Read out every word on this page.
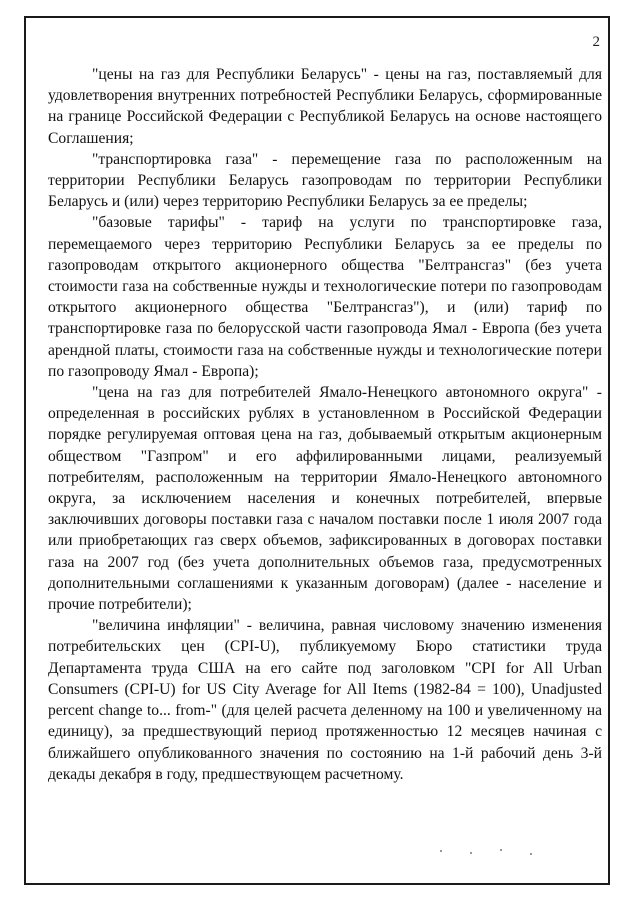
2

"цены на газ для Республики Беларусь" - цены на газ, поставляемый для удовлетворения внутренних потребностей Республики Беларусь, сформированные на границе Российской Федерации с Республикой Беларусь на основе настоящего Соглашения;

"транспортировка газа" - перемещение газа по расположенным на территории Республики Беларусь газопроводам по территории Республики Беларусь и (или) через территорию Республики Беларусь за ее пределы;

"базовые тарифы" - тариф на услуги по транспортировке газа, перемещаемого через территорию Республики Беларусь за ее пределы по газопроводам открытого акционерного общества "Белтрансгаз" (без учета стоимости газа на собственные нужды и технологические потери по газопроводам открытого акционерного общества "Белтрансгаз"), и (или) тариф по транспортировке газа по белорусской части газопровода Ямал - Европа (без учета арендной платы, стоимости газа на собственные нужды и технологические потери по газопроводу Ямал - Европа);

"цена на газ для потребителей Ямало-Ненецкого автономного округа" - определенная в российских рублях в установленном в Российской Федерации порядке регулируемая оптовая цена на газ, добываемый открытым акционерным обществом "Газпром" и его аффилированными лицами, реализуемый потребителям, расположенным на территории Ямало-Ненецкого автономного округа, за исключением населения и конечных потребителей, впервые заключивших договоры поставки газа с началом поставки после 1 июля 2007 года или приобретающих газ сверх объемов, зафиксированных в договорах поставки газа на 2007 год (без учета дополнительных объемов газа, предусмотренных дополнительными соглашениями к указанным договорам) (далее - население и прочие потребители);

"величина инфляции" - величина, равная числовому значению изменения потребительских цен (CPI-U), публикуемому Бюро статистики труда Департамента труда США на его сайте под заголовком "CPI for All Urban Consumers (CPI-U) for US City Average for All Items (1982-84 = 100), Unadjusted percent change to... from-" (для целей расчета деленному на 100 и увеличенному на единицу), за предшествующий период протяженностью 12 месяцев начиная с ближайшего опубликованного значения по состоянию на 1-й рабочий день 3-й декады декабря в году, предшествующем расчетному.
